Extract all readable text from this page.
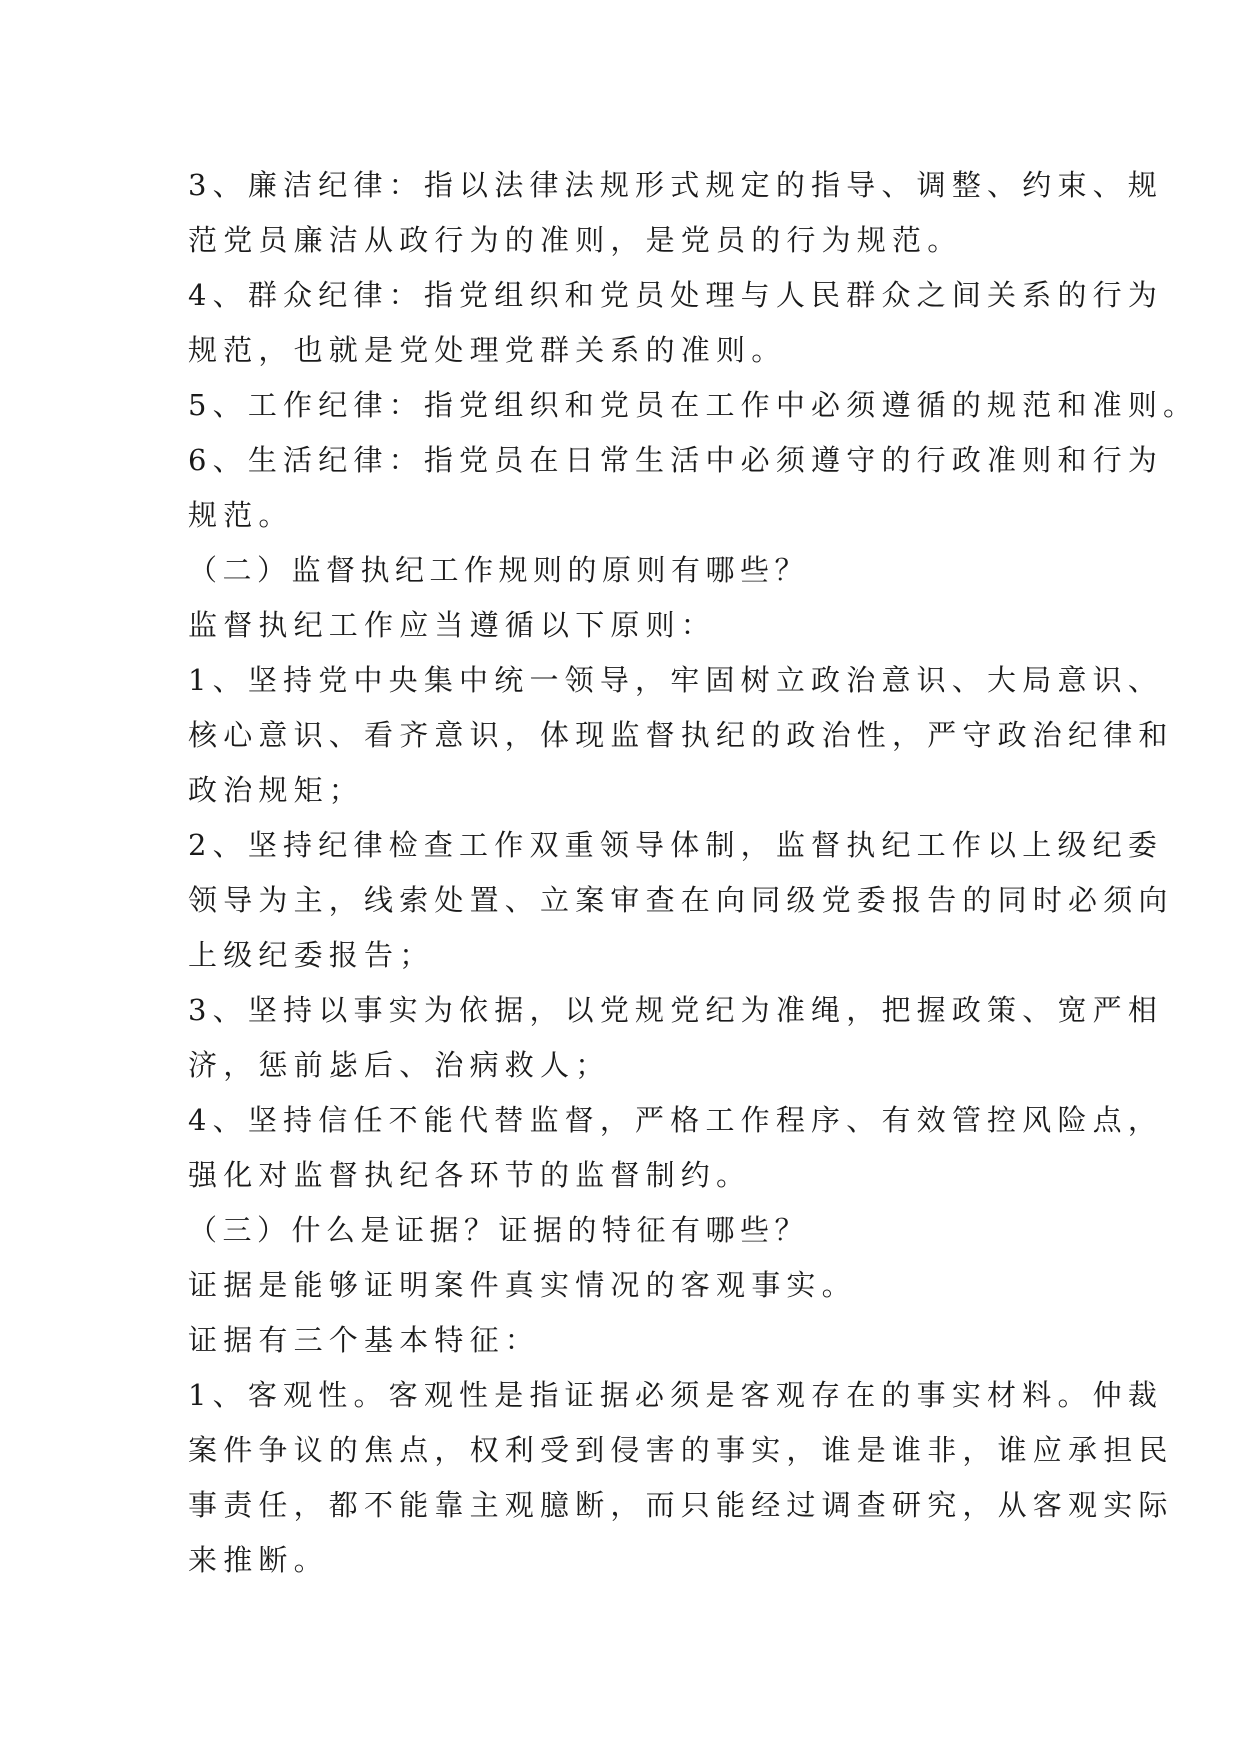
3、廉洁纪律：指以法律法规形式规定的指导、调整、约束、规
范党员廉洁从政行为的准则，是党员的行为规范。
4、群众纪律：指党组织和党员处理与人民群众之间关系的行为
规范，也就是党处理党群关系的准则。
5、工作纪律：指党组织和党员在工作中必须遵循的规范和准则。
6、生活纪律：指党员在日常生活中必须遵守的行政准则和行为
规范。
（二）监督执纪工作规则的原则有哪些？
监督执纪工作应当遵循以下原则：
1、坚持党中央集中统一领导，牢固树立政治意识、大局意识、
核心意识、看齐意识，体现监督执纪的政治性，严守政治纪律和
政治规矩；
2、坚持纪律检查工作双重领导体制，监督执纪工作以上级纪委
领导为主，线索处置、立案审查在向同级党委报告的同时必须向
上级纪委报告；
3、坚持以事实为依据，以党规党纪为准绳，把握政策、宽严相
济，惩前毖后、治病救人；
4、坚持信任不能代替监督，严格工作程序、有效管控风险点，
强化对监督执纪各环节的监督制约。
（三）什么是证据？证据的特征有哪些？
证据是能够证明案件真实情况的客观事实。
证据有三个基本特征：
1、客观性。客观性是指证据必须是客观存在的事实材料。仲裁
案件争议的焦点，权利受到侵害的事实，谁是谁非，谁应承担民
事责任，都不能靠主观臆断，而只能经过调查研究，从客观实际
来推断。
